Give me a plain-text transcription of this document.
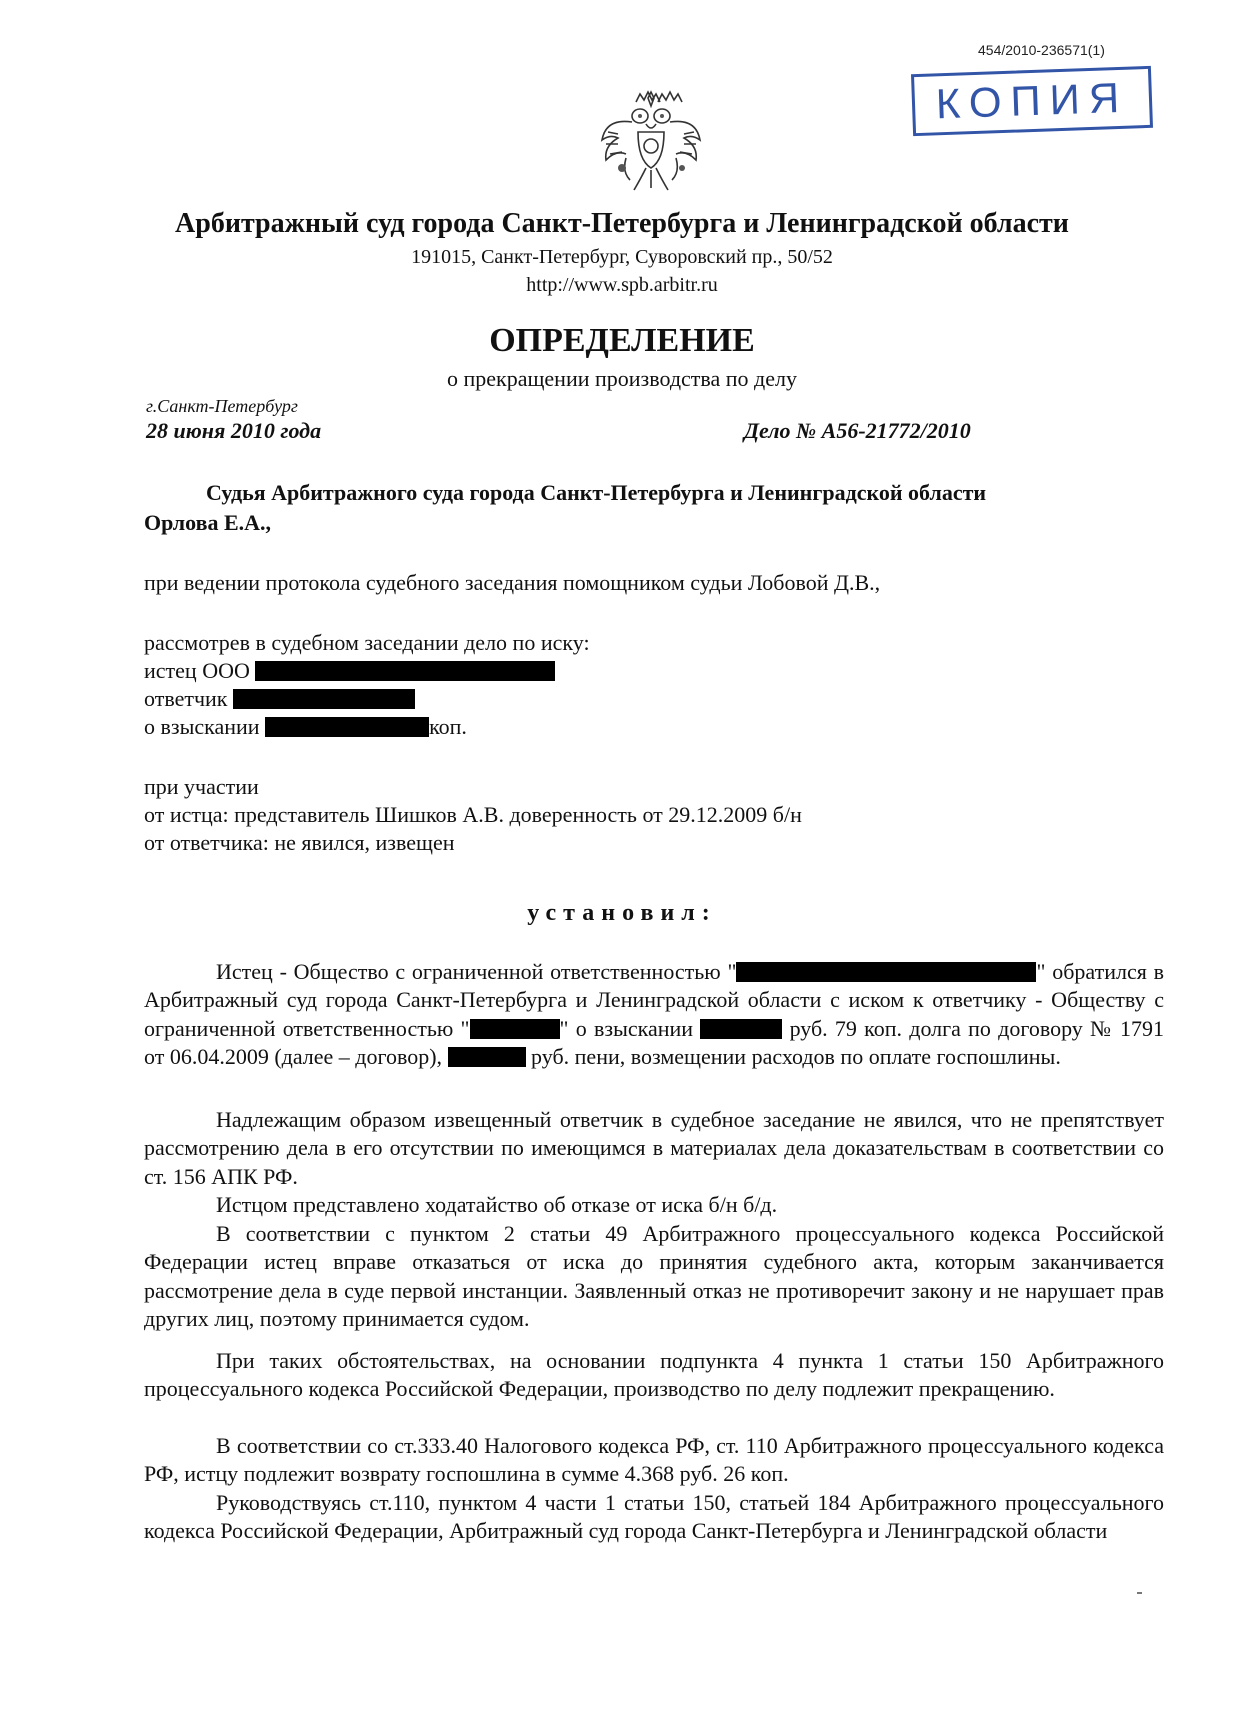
454/2010-236571(1)
КОПИЯ
Арбитражный суд города Санкт-Петербурга и Ленинградской области
191015, Санкт-Петербург, Суворовский пр., 50/52
http://www.spb.arbitr.ru
ОПРЕДЕЛЕНИЕ
о прекращении производства по делу
г.Санкт-Петербург
28 июня 2010 года	Дело № А56-21772/2010
Судья Арбитражного суда города Санкт-Петербурга и Ленинградской области
Орлова Е.А.,
при ведении протокола судебного заседания помощником судьи Лобовой Д.В.,
рассмотрев в судебном заседании дело по иску:
истец ООО
ответчик
о взыскании	коп.
при участии
от истца: представитель Шишков А.В. доверенность от 29.12.2009 б/н
от ответчика: не явился, извещен
установил:

Истец - Общество с ограниченной ответственностью "	" обратился в Арбитражный суд города Санкт-Петербурга и Ленинградской области с иском к ответчику - Обществу с ограниченной ответственностью "	" о взыскании	руб. 79 коп. долга по договору № 1791 от 06.04.2009 (далее – договор),	руб. пени, возмещении расходов по оплате госпошлины.

Надлежащим образом извещенный ответчик в судебное заседание не явился, что не препятствует рассмотрению дела в его отсутствии по имеющимся в материалах дела доказательствам в соответствии со ст. 156 АПК РФ.

Истцом представлено ходатайство об отказе от иска б/н б/д.

В соответствии с пунктом 2 статьи 49 Арбитражного процессуального кодекса Российской Федерации истец вправе отказаться от иска до принятия судебного акта, которым заканчивается рассмотрение дела в суде первой инстанции. Заявленный отказ не противоречит закону и не нарушает прав других лиц, поэтому принимается судом.

При таких обстоятельствах, на основании подпункта 4 пункта 1 статьи 150 Арбитражного процессуального кодекса Российской Федерации, производство по делу подлежит прекращению.

В соответствии со ст.333.40 Налогового кодекса РФ, ст. 110 Арбитражного процессуального кодекса РФ, истцу подлежит возврату госпошлина в сумме 4.368 руб. 26 коп.

Руководствуясь ст.110, пунктом 4 части 1 статьи 150, статьей 184 Арбитражного процессуального кодекса Российской Федерации, Арбитражный суд города Санкт-Петербурга и Ленинградской области
